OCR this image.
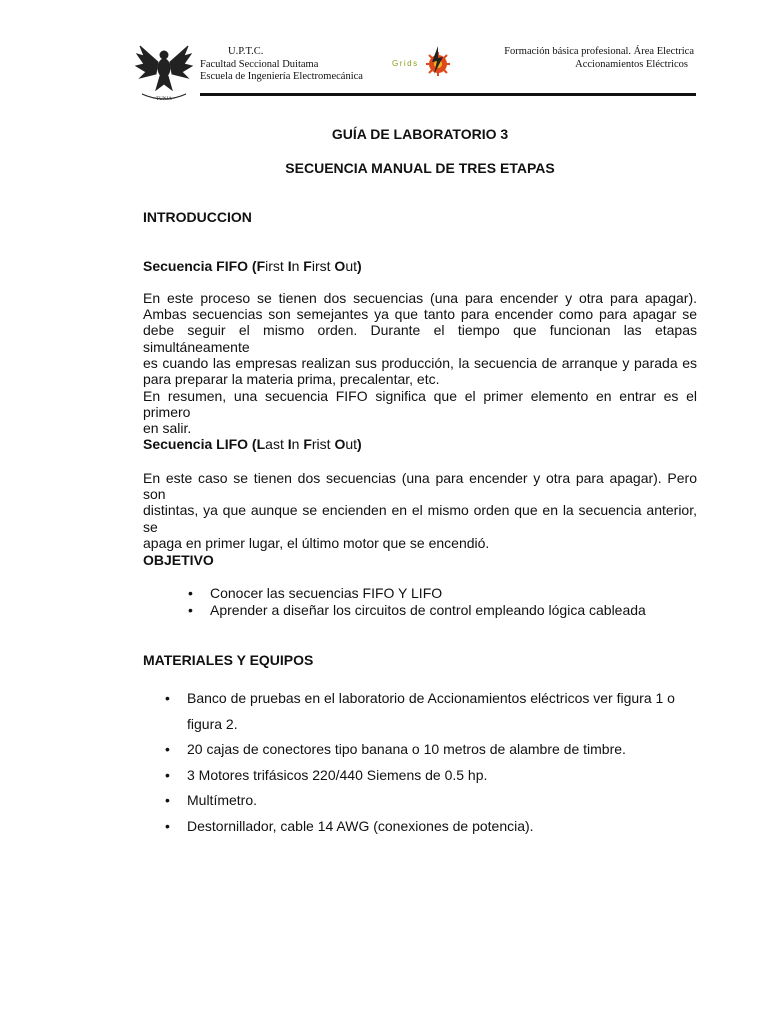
TUNJA
U.P.T.C.
Facultad Seccional Duitama
Escuela de Ingeniería Electromecánica
Grids
Formación básica profesional. Área Electrica
Accionamientos Eléctricos
GUÍA DE LABORATORIO 3
SECUENCIA MANUAL DE TRES ETAPAS
INTRODUCCION
Secuencia FIFO (First In First Out)
En este proceso se tienen dos secuencias (una para encender y otra para apagar).
Ambas secuencias son semejantes ya que tanto para encender como para apagar se
debe seguir el mismo orden. Durante el tiempo que funcionan las etapas simultáneamente
es cuando las empresas realizan sus producción, la secuencia de arranque y parada es
para preparar la materia prima, precalentar, etc.
En resumen, una secuencia FIFO significa que el primer elemento en entrar es el primero
en salir.
Secuencia LIFO (Last In Frist Out)
En este caso se tienen dos secuencias (una para encender y otra para apagar). Pero son
distintas, ya que aunque se encienden en el mismo orden que en la secuencia anterior, se
apaga en primer lugar, el último motor que se encendió.
OBJETIVO
• Conocer las secuencias FIFO Y LIFO
• Aprender a diseñar los circuitos de control empleando lógica cableada
MATERIALES Y EQUIPOS
• Banco de pruebas en el laboratorio de Accionamientos eléctricos ver figura 1 o
figura 2.
• 20 cajas de conectores tipo banana o 10 metros de alambre de timbre.
• 3 Motores trifásicos 220/440 Siemens de 0.5 hp.
• Multímetro.
• Destornillador, cable 14 AWG (conexiones de potencia).
